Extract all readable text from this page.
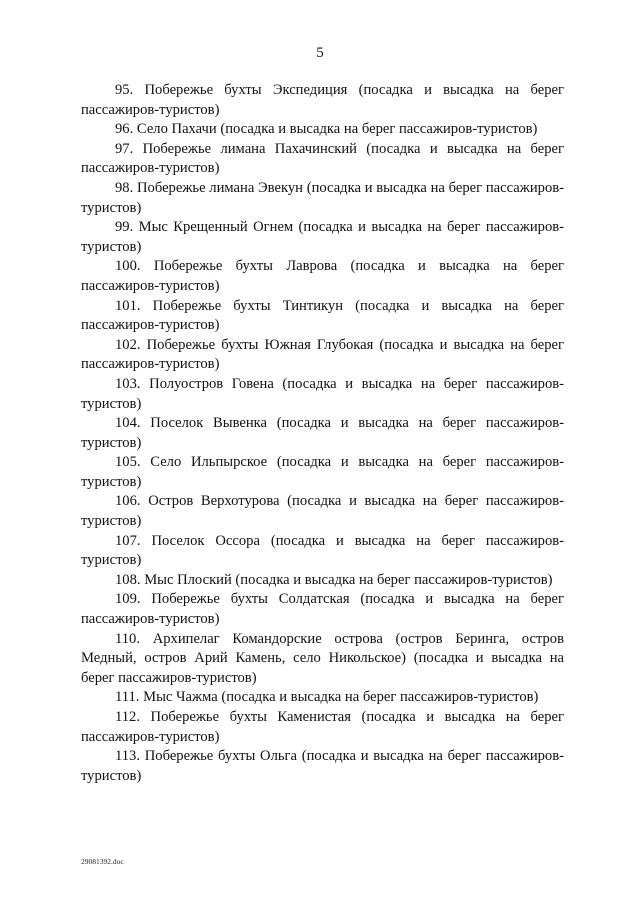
5

95. Побережье бухты Экспедиция (посадка и высадка на берег пассажиров-туристов)

96. Село Пахачи (посадка и высадка на берег пассажиров-туристов)

97. Побережье лимана Пахачинский (посадка и высадка на берег пассажиров-туристов)

98. Побережье лимана Эвекун (посадка и высадка на берег пассажиров-туристов)

99. Мыс Крещенный Огнем (посадка и высадка на берег пассажиров-туристов)

100. Побережье бухты Лаврова (посадка и высадка на берег пассажиров-туристов)

101. Побережье бухты Тинтикун (посадка и высадка на берег пассажиров-туристов)

102. Побережье бухты Южная Глубокая (посадка и высадка на берег пассажиров-туристов)

103. Полуостров Говена (посадка и высадка на берег пассажиров-туристов)

104. Поселок Вывенка (посадка и высадка на берег пассажиров-туристов)

105. Село Ильпырское (посадка и высадка на берег пассажиров-туристов)

106. Остров Верхотурова (посадка и высадка на берег пассажиров-туристов)

107. Поселок Оссора (посадка и высадка на берег пассажиров-туристов)

108. Мыс Плоский (посадка и высадка на берег пассажиров-туристов)

109. Побережье бухты Солдатская (посадка и высадка на берег пассажиров-туристов)

110. Архипелаг Командорские острова (остров Беринга, остров Медный, остров Арий Камень, село Никольское) (посадка и высадка на берег пассажиров-туристов)

111. Мыс Чажма (посадка и высадка на берег пассажиров-туристов)

112. Побережье бухты Каменистая (посадка и высадка на берег пассажиров-туристов)

113. Побережье бухты Ольга (посадка и высадка на берег пассажиров-туристов)

29081392.doc
